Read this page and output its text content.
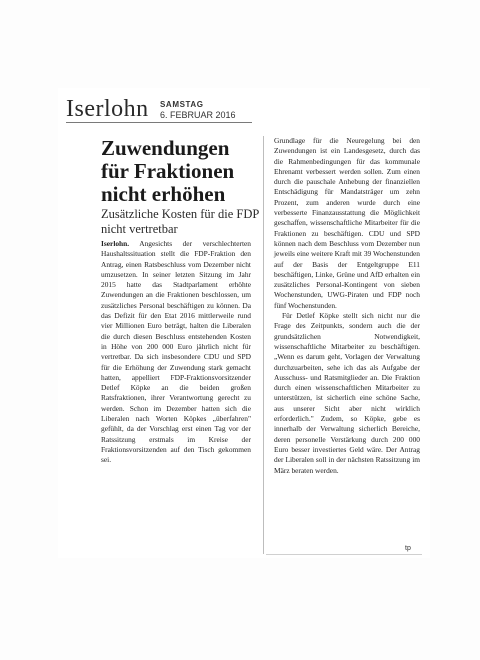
Iserlohn SAMSTAG
6. FEBRUAR 2016
Zuwendungen für Fraktionen nicht erhöhen
Zusätzliche Kosten für die FDP nicht vertretbar

Iserlohn. Angesichts der verschlechterten Haushaltssituation stellt die FDP-Fraktion den Antrag, einen Ratsbeschluss vom Dezember nicht umzusetzen. In seiner letzten Sitzung im Jahr 2015 hatte das Stadtparlament erhöhte Zuwendungen an die Fraktionen beschlossen, um zusätzliches Personal beschäftigen zu können. Da das Defizit für den Etat 2016 mittlerweile rund vier Millionen Euro beträgt, halten die Liberalen die durch diesen Beschluss entstehenden Kosten in Höhe von 200 000 Euro jährlich nicht für vertretbar. Da sich insbesondere CDU und SPD für die Erhöhung der Zuwendung stark gemacht hatten, appelliert FDP-Fraktionsvorsitzender Detlef Köpke an die beiden großen Ratsfraktionen, ihrer Verantwortung gerecht zu werden. Schon im Dezember hatten sich die Liberalen nach Worten Köpkes „überfahren" gefühlt, da der Vorschlag erst einen Tag vor der Ratssitzung erstmals im Kreise der Fraktionsvorsitzenden auf den Tisch gekommen sei.

Grundlage für die Neuregelung bei den Zuwendungen ist ein Landesgesetz, durch das die Rahmenbedingungen für das kommunale Ehrenamt verbessert werden sollen. Zum einen durch die pauschale Anhebung der finanziellen Entschädigung für Mandatsträger um zehn Prozent, zum anderen wurde durch eine verbesserte Finanzausstattung die Möglichkeit geschaffen, wissenschaftliche Mitarbeiter für die Fraktionen zu beschäftigen. CDU und SPD können nach dem Beschluss vom Dezember nun jeweils eine weitere Kraft mit 39 Wochenstunden auf der Basis der Entgeltgruppe E11 beschäftigen, Linke, Grüne und AfD erhalten ein zusätzliches Personal-Kontingent von sieben Wochenstunden, UWG-Piraten und FDP noch fünf Wochenstunden.

Für Detlef Köpke stellt sich nicht nur die Frage des Zeitpunkts, sondern auch die der grundsätzlichen Notwendigkeit, wissenschaftliche Mitarbeiter zu beschäftigen. „Wenn es darum geht, Vorlagen der Verwaltung durchzuarbeiten, sehe ich das als Aufgabe der Ausschuss- und Ratsmitglieder an. Die Fraktion durch einen wissenschaftlichen Mitarbeiter zu unterstützen, ist sicherlich eine schöne Sache, aus unserer Sicht aber nicht wirklich erforderlich." Zudem, so Köpke, gebe es innerhalb der Verwaltung sicherlich Bereiche, deren personelle Verstärkung durch 200 000 Euro besser investiertes Geld wäre. Der Antrag der Liberalen soll in der nächsten Ratssitzung im März beraten werden.

tp
